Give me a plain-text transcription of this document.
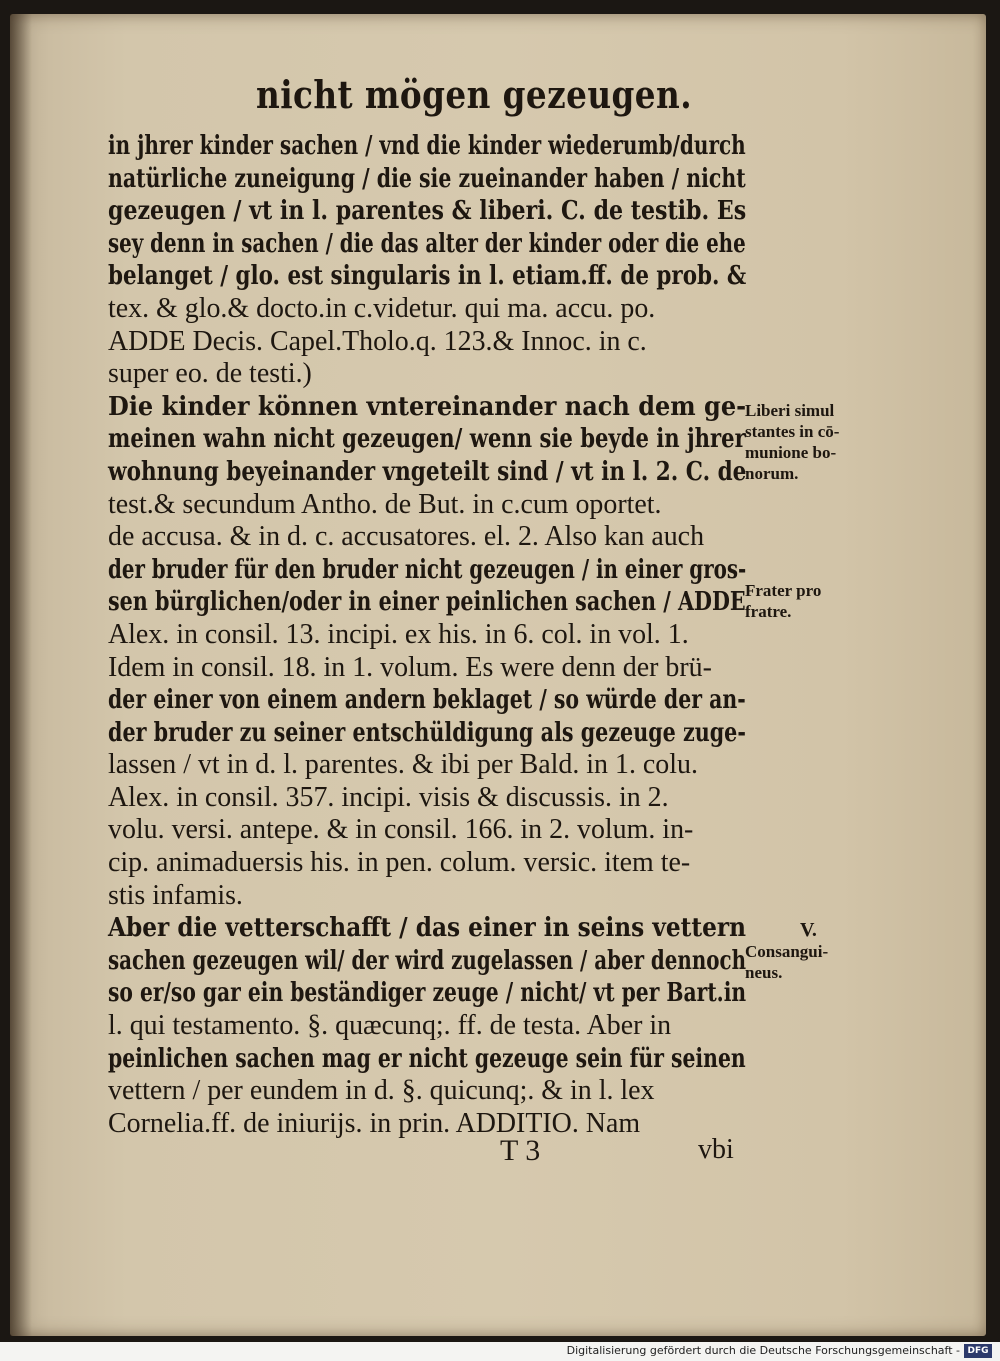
nicht mögen gezeugen.
in jhrer kinder sachen / vnd die kinder wiederumb/durch
natürliche zuneigung / die sie zueinander haben / nicht
gezeugen / vt in l. parentes & liberi. C. de testib. Es
sey denn in sachen / die das alter der kinder oder die ehe
belanget / glo. est singularis in l. etiam.ff. de prob. &
tex. & glo.& docto.in c.videtur. qui ma. accu. po.
ADDE Decis. Capel.Tholo.q. 123.& Innoc. in c.
super eo. de testi.)
Die kinder können vntereinander nach dem ge-
meinen wahn nicht gezeugen/ wenn sie beyde in jhrer
wohnung beyeinander vngeteilt sind / vt in l. 2. C. de
test.& secundum Antho. de But. in c.cum oportet.
de accusa. & in d. c. accusatores. el. 2. Also kan auch
der bruder für den bruder nicht gezeugen / in einer gros-
sen bürglichen/oder in einer peinlichen sachen / ADDE
Alex. in consil. 13. incipi. ex his. in 6. col. in vol. 1.
Idem in consil. 18. in 1. volum. Es were denn der brü-
der einer von einem andern beklaget / so würde der an-
der bruder zu seiner entschüldigung als gezeuge zuge-
lassen / vt in d. l. parentes. & ibi per Bald. in 1. colu.
Alex. in consil. 357. incipi. visis & discussis. in 2.
volu. versi. antepe. & in consil. 166. in 2. volum. in-
cip. animaduersis his. in pen. colum. versic. item te-
stis infamis.
Aber die vetterschafft / das einer in seins vettern
sachen gezeugen wil/ der wird zugelassen / aber dennoch
so er/so gar ein beständiger zeuge / nicht/ vt per Bart.in
l. qui testamento. §. quæcunq;. ff. de testa. Aber in
peinlichen sachen mag er nicht gezeuge sein für seinen
vettern / per eundem in d. §. quicunq;. & in l. lex
Cornelia.ff. de iniurijs. in prin. ADDITIO. Nam
Liberi simul
stantes in cō-
munione bo-
norum.
Frater pro
fratre.
V.
Consangui-
neus.
T 3	vbi
Digitalisierung gefördert durch die Deutsche Forschungsgemeinschaft - DFG
